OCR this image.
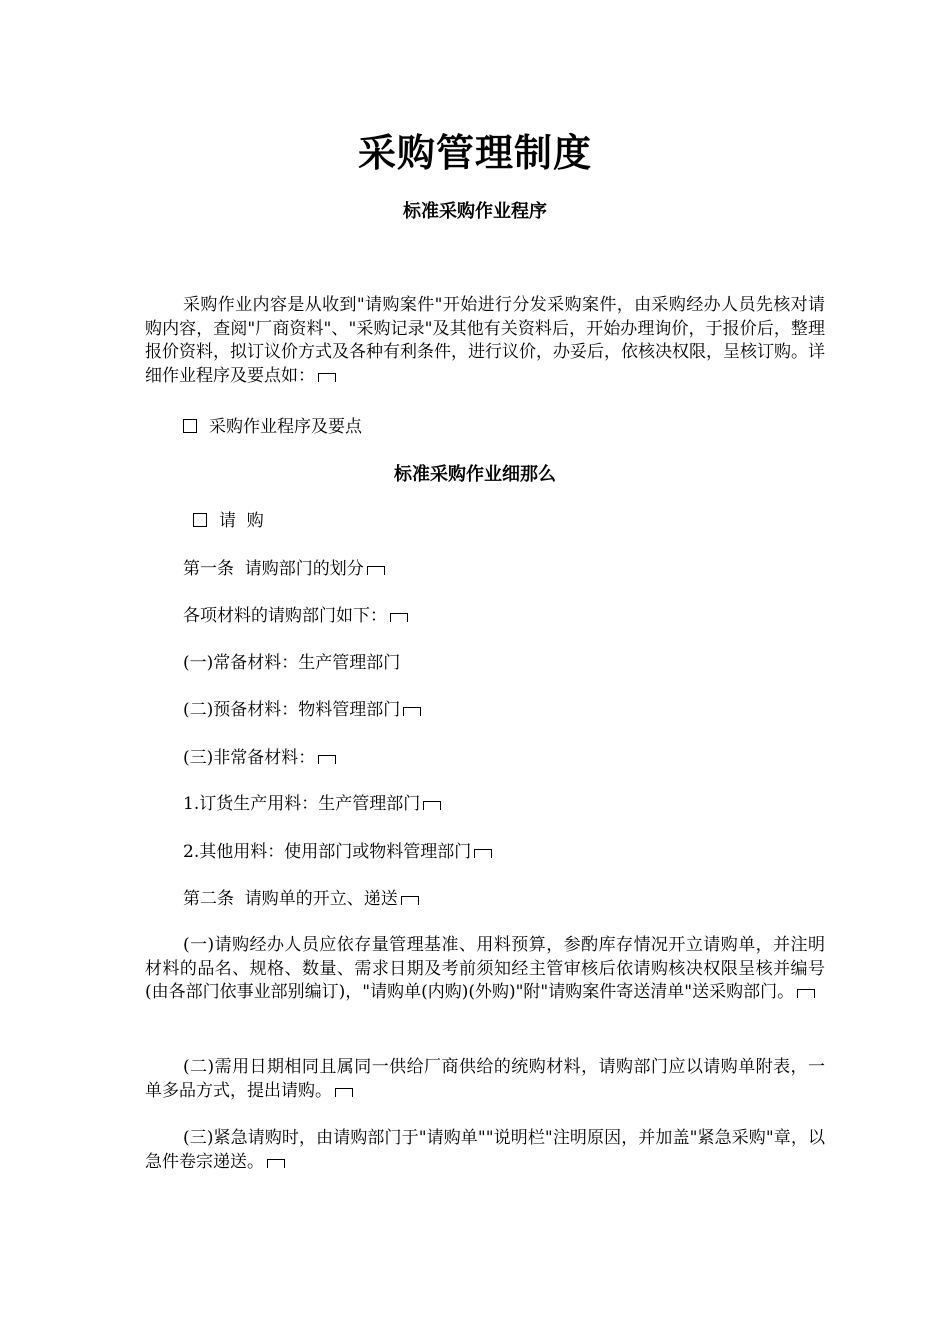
采购管理制度
标准采购作业程序
采购作业内容是从收到"请购案件"开始进行分发采购案件，由采购经办人员先核对请购内容，查阅"厂商资料"、"采购记录"及其他有关资料后，开始办理询价，于报价后，整理报价资料，拟订议价方式及各种有利条件，进行议价，办妥后，依核决权限，呈核订购。详细作业程序及要点如：
采购作业程序及要点
标准采购作业细那么
请  购
第一条  请购部门的划分
各项材料的请购部门如下：
(一)常备材料：生产管理部门
(二)预备材料：物料管理部门
(三)非常备材料：
1.订货生产用料：生产管理部门
2.其他用料：使用部门或物料管理部门
第二条  请购单的开立、递送
(一)请购经办人员应依存量管理基准、用料预算，参酌库存情况开立请购单，并注明材料的品名、规格、数量、需求日期及考前须知经主管审核后依请购核决权限呈核并编号(由各部门依事业部别编订)，"请购单(内购)(外购)"附"请购案件寄送清单"送采购部门。
(二)需用日期相同且属同一供给厂商供给的统购材料，请购部门应以请购单附表，一单多品方式，提出请购。
(三)紧急请购时，由请购部门于"请购单""说明栏"注明原因，并加盖"紧急采购"章，以急件卷宗递送。
